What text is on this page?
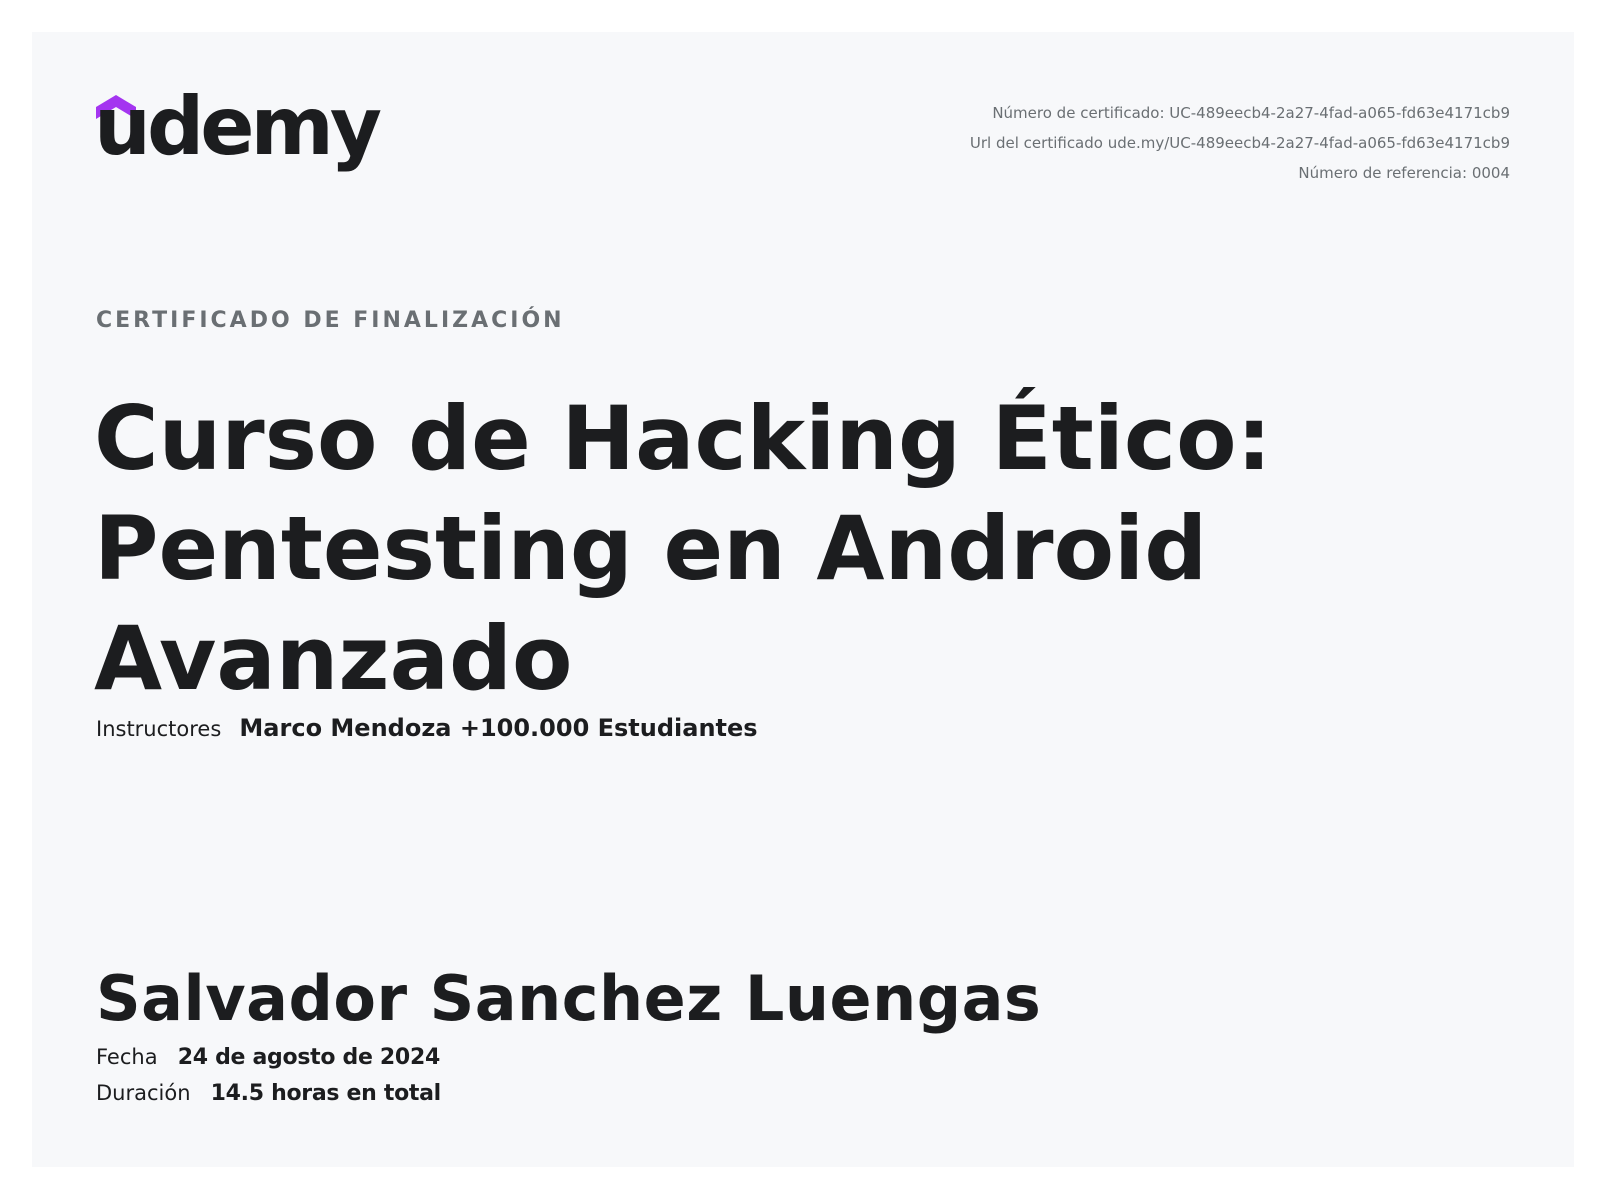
udemy	Número de certificado: UC-489eecb4-2a27-4fad-a065-fd63e4171cb9
Url del certificado ude.my/UC-489eecb4-2a27-4fad-a065-fd63e4171cb9
Número de referencia: 0004
CERTIFICADO DE FINALIZACIÓN
Curso de Hacking Ético: Pentesting en Android Avanzado
Instructores Marco Mendoza +100.000 Estudiantes
Salvador Sanchez Luengas
Fecha 24 de agosto de 2024
Duración 14.5 horas en total
